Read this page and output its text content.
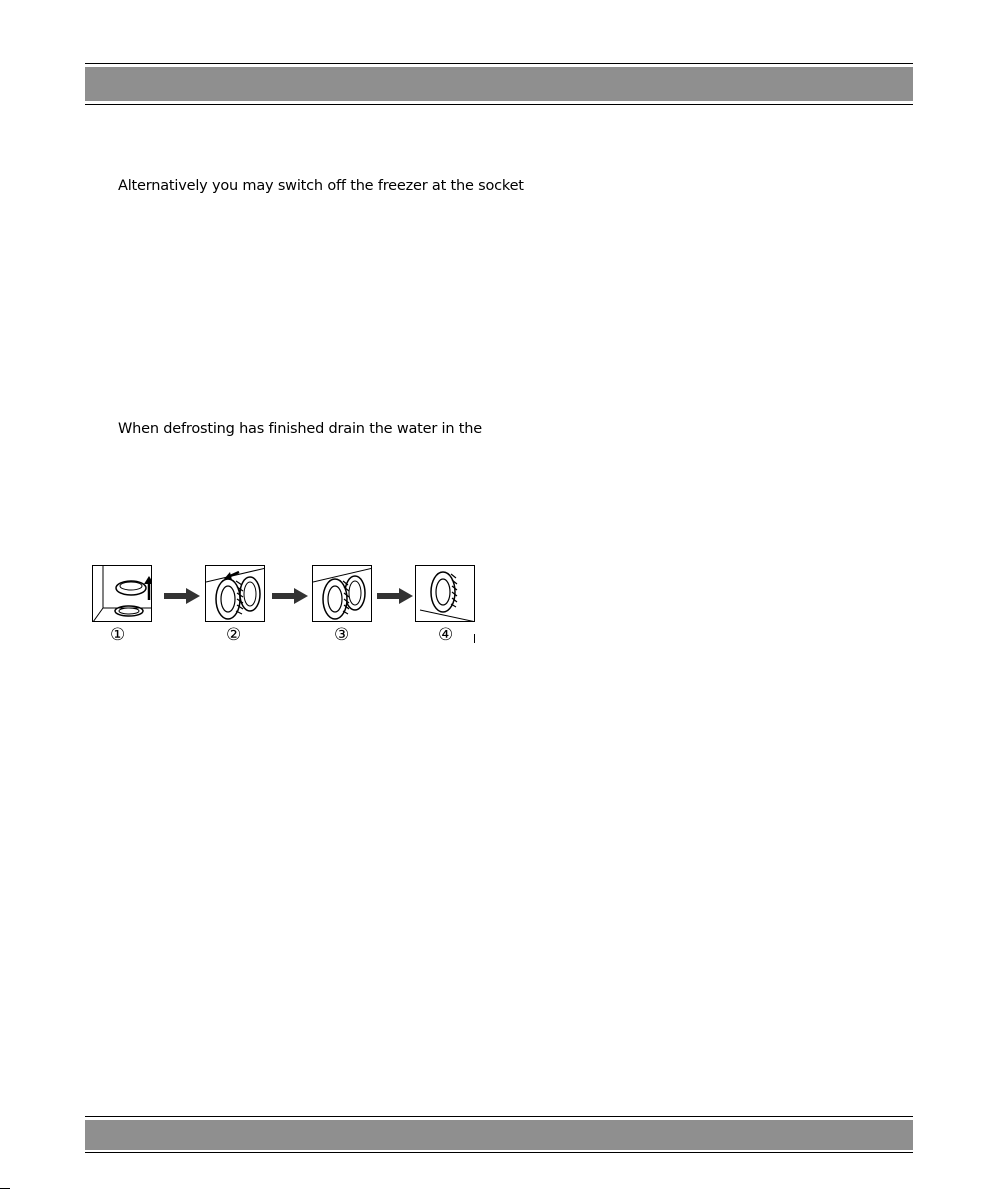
Alternatively you may switch off the freezer at the socket
When defrosting has finished drain the water in the
①	②	③	④
